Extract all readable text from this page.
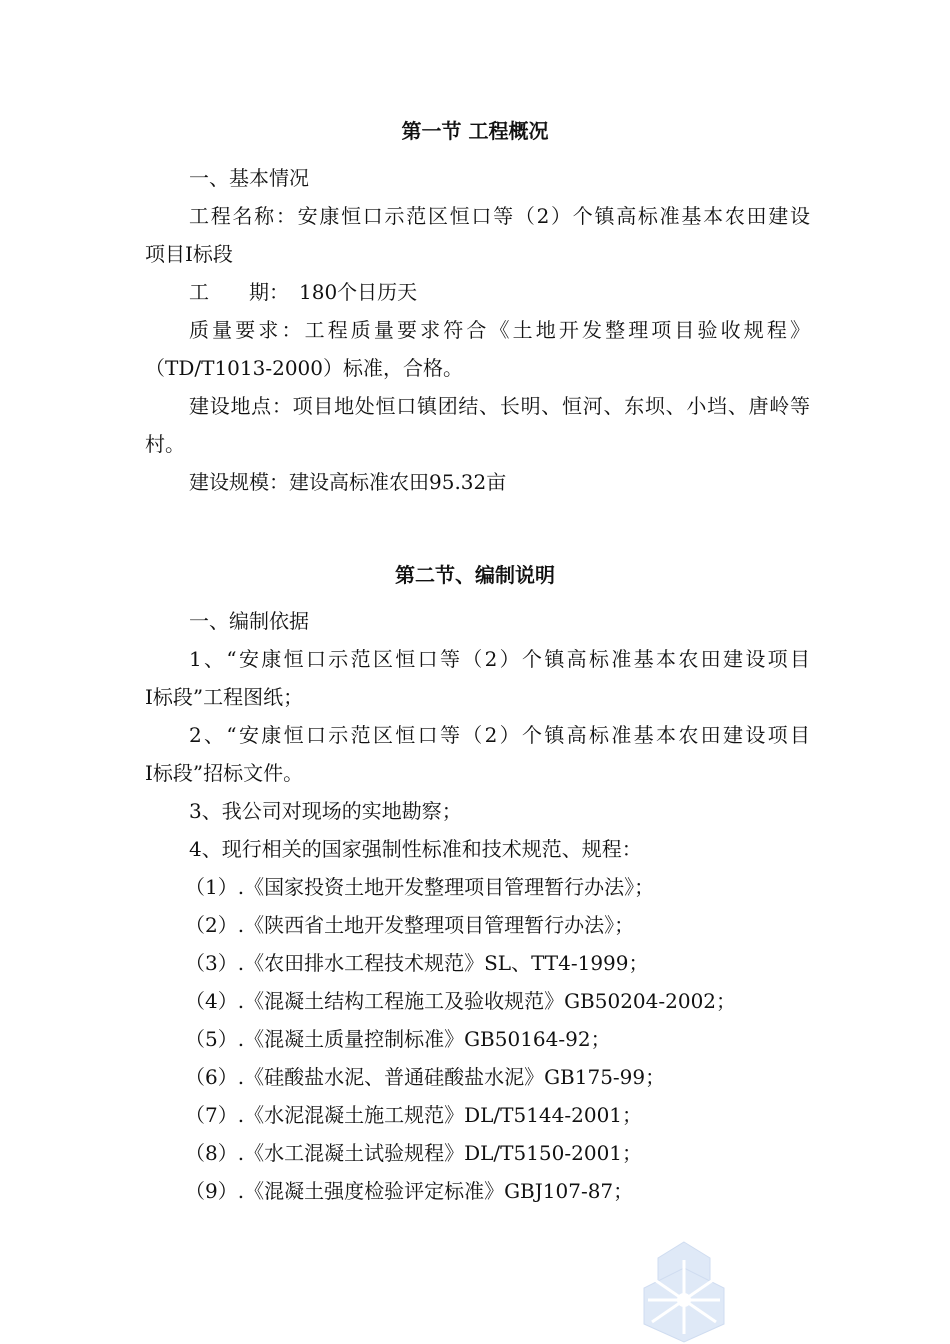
第一节 工程概况
一、基本情况
工程名称：安康恒口示范区恒口等（2）个镇高标准基本农田建设
项目Ⅰ标段
工　　期：　180个日历天
质量要求：工程质量要求符合《土地开发整理项目验收规程》
（TD/T1013-2000）标准，合格。
建设地点：项目地处恒口镇团结、长明、恒河、东坝、小垱、唐岭等
村。
建设规模：建设高标准农田95.32亩
第二节、编制说明
一、编制依据
1、“安康恒口示范区恒口等（2）个镇高标准基本农田建设项目
Ⅰ标段”工程图纸；
2、“安康恒口示范区恒口等（2）个镇高标准基本农田建设项目
Ⅰ标段”招标文件。
3、我公司对现场的实地勘察；
4、现行相关的国家强制性标准和技术规范、规程：
（1）.《国家投资土地开发整理项目管理暂行办法》；
（2）.《陕西省土地开发整理项目管理暂行办法》；
（3）.《农田排水工程技术规范》SL、TT4-1999；
（4）.《混凝土结构工程施工及验收规范》GB50204-2002；
（5）.《混凝土质量控制标准》GB50164-92；
（6）.《硅酸盐水泥、普通硅酸盐水泥》GB175-99；
（7）.《水泥混凝土施工规范》DL/T5144-2001；
（8）.《水工混凝土试验规程》DL/T5150-2001；
（9）.《混凝土强度检验评定标准》GBJ107-87；
